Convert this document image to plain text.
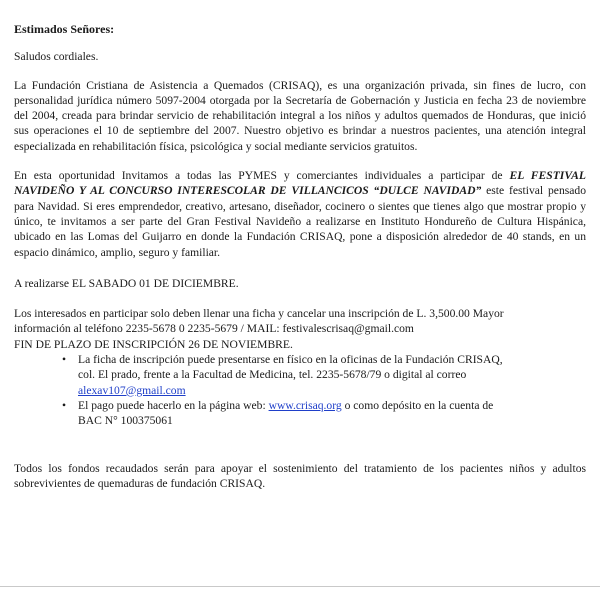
Estimados Señores:

Saludos cordiales.

La Fundación Cristiana de Asistencia a Quemados (CRISAQ), es una organización privada, sin fines de lucro, con personalidad jurídica número 5097-2004 otorgada por la Secretaría de Gobernación y Justicia en fecha 23 de noviembre del 2004, creada para brindar servicio de rehabilitación integral a los niños y adultos quemados de Honduras, que inició sus operaciones el 10 de septiembre del 2007. Nuestro objetivo es brindar a nuestros pacientes, una atención integral especializada en rehabilitación física, psicológica y social mediante servicios gratuitos.

En esta oportunidad Invitamos a todas las PYMES y comerciantes individuales a participar de EL FESTIVAL NAVIDEÑO Y AL CONCURSO INTERESCOLAR DE VILLANCICOS “DULCE NAVIDAD” este festival pensado para Navidad. Si eres emprendedor, creativo, artesano, diseñador, cocinero o sientes que tienes algo que mostrar propio y único, te invitamos a ser parte del Gran Festival Navideño a realizarse en Instituto Hondureño de Cultura Hispánica, ubicado en las Lomas del Guijarro en donde la Fundación CRISAQ, pone a disposición alrededor de 40 stands, en un espacio dinámico, amplio, seguro y familiar.

A realizarse EL SABADO 01 DE DICIEMBRE.

Los interesados en participar solo deben llenar una ficha y cancelar una inscripción de L. 3,500.00 Mayor
información al teléfono 2235-5678 0 2235-5679 / MAIL: festivalescrisaq@gmail.com

FIN DE PLAZO DE INSCRIPCIÓN 26 DE NOVIEMBRE.

• La ficha de inscripción puede presentarse en físico en la oficinas de la Fundación CRISAQ,
col. El prado, frente a la Facultad de Medicina, tel. 2235-5678/79 o digital al correo
alexav107@gmail.com
• El pago puede hacerlo en la página web: www.crisaq.org o como depósito en la cuenta de
BAC N° 100375061

Todos los fondos recaudados serán para apoyar el sostenimiento del tratamiento de los pacientes niños y adultos sobrevivientes de quemaduras de fundación CRISAQ.
